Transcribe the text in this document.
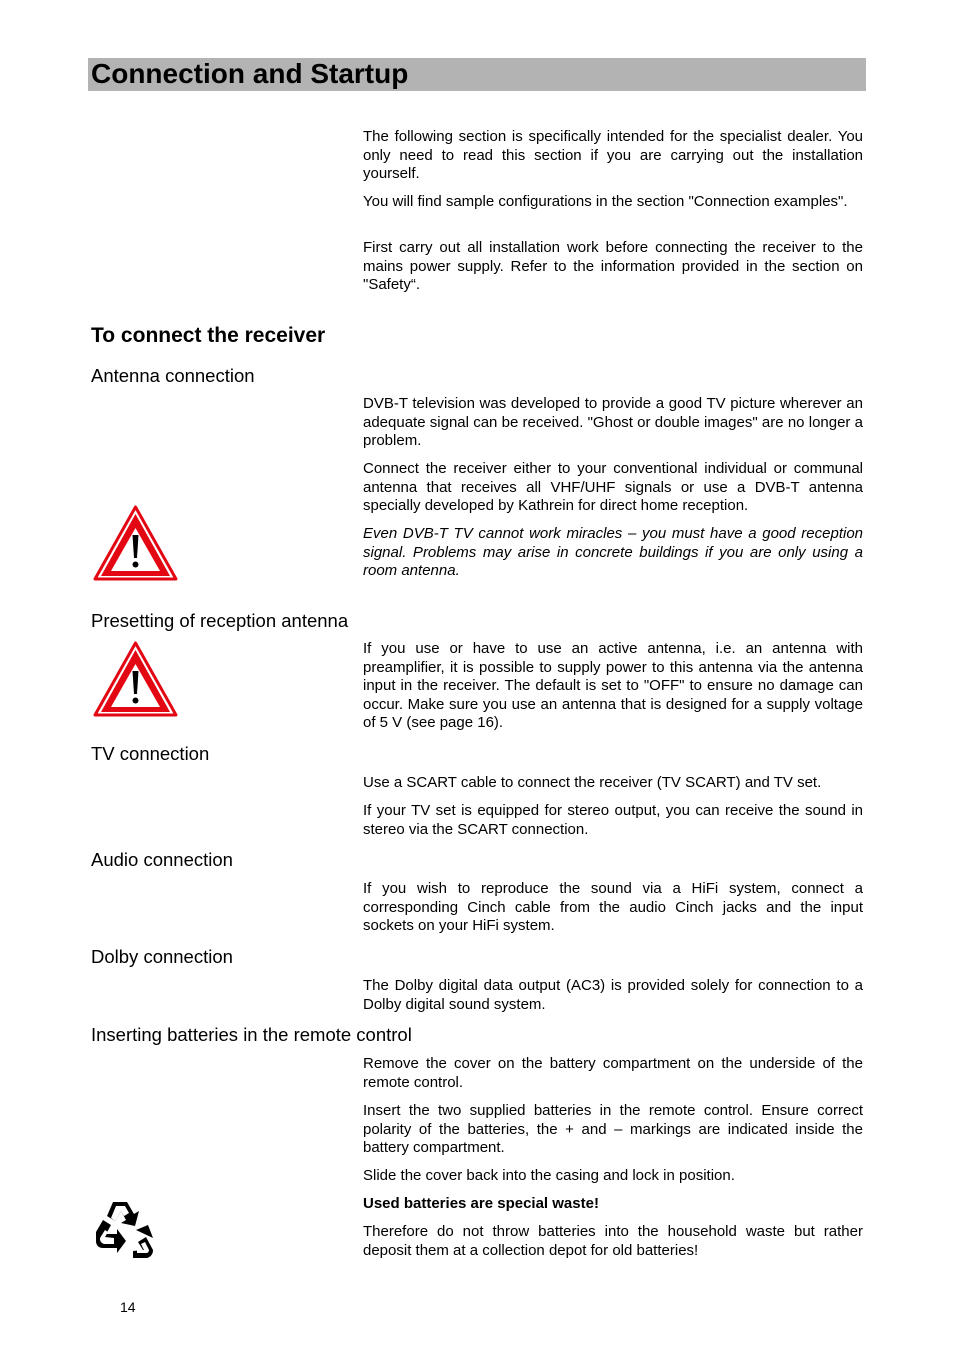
Connection and Startup

The following section is specifically intended for the specialist dealer. You only need to read this section if you are carrying out the installation yourself.

You will find sample configurations in the section "Connection examples".

First carry out all installation work before connecting the receiver to the mains power supply. Refer to the information provided in the section on "Safety“.

To connect the receiver
Antenna connection

DVB-T television was developed to provide a good TV picture wherever an adequate signal can be received. "Ghost or double images" are no longer a problem.

Connect the receiver either to your conventional individual or communal antenna that receives all VHF/UHF signals or use a DVB-T antenna specially developed by Kathrein for direct home reception.

Even DVB-T TV cannot work miracles – you must have a good reception signal. Problems may arise in concrete buildings if you are only using a room antenna.

Presetting of reception antenna

If you use or have to use an active antenna, i.e. an antenna with preamplifier, it is possible to supply power to this antenna via the antenna input in the receiver. The default is set to "OFF" to ensure no damage can occur. Make sure you use an antenna that is designed for a supply voltage of 5 V (see page 16).

TV connection

Use a SCART cable to connect the receiver (TV SCART) and TV set.

If your TV set is equipped for stereo output, you can receive the sound in stereo via the SCART connection.

Audio connection

If you wish to reproduce the sound via a HiFi system, connect a corresponding Cinch cable from the audio Cinch jacks and the input sockets on your HiFi system.

Dolby connection

The Dolby digital data output (AC3) is provided solely for connection to a Dolby digital sound system.

Inserting batteries in the remote control

Remove the cover on the battery compartment on the underside of the remote control.

Insert the two supplied batteries in the remote control. Ensure correct polarity of the batteries, the + and – markings are indicated inside the battery compartment.

Slide the cover back into the casing and lock in position.

Used batteries are special waste!

Therefore do not throw batteries into the household waste but rather deposit them at a collection depot for old batteries!

14
